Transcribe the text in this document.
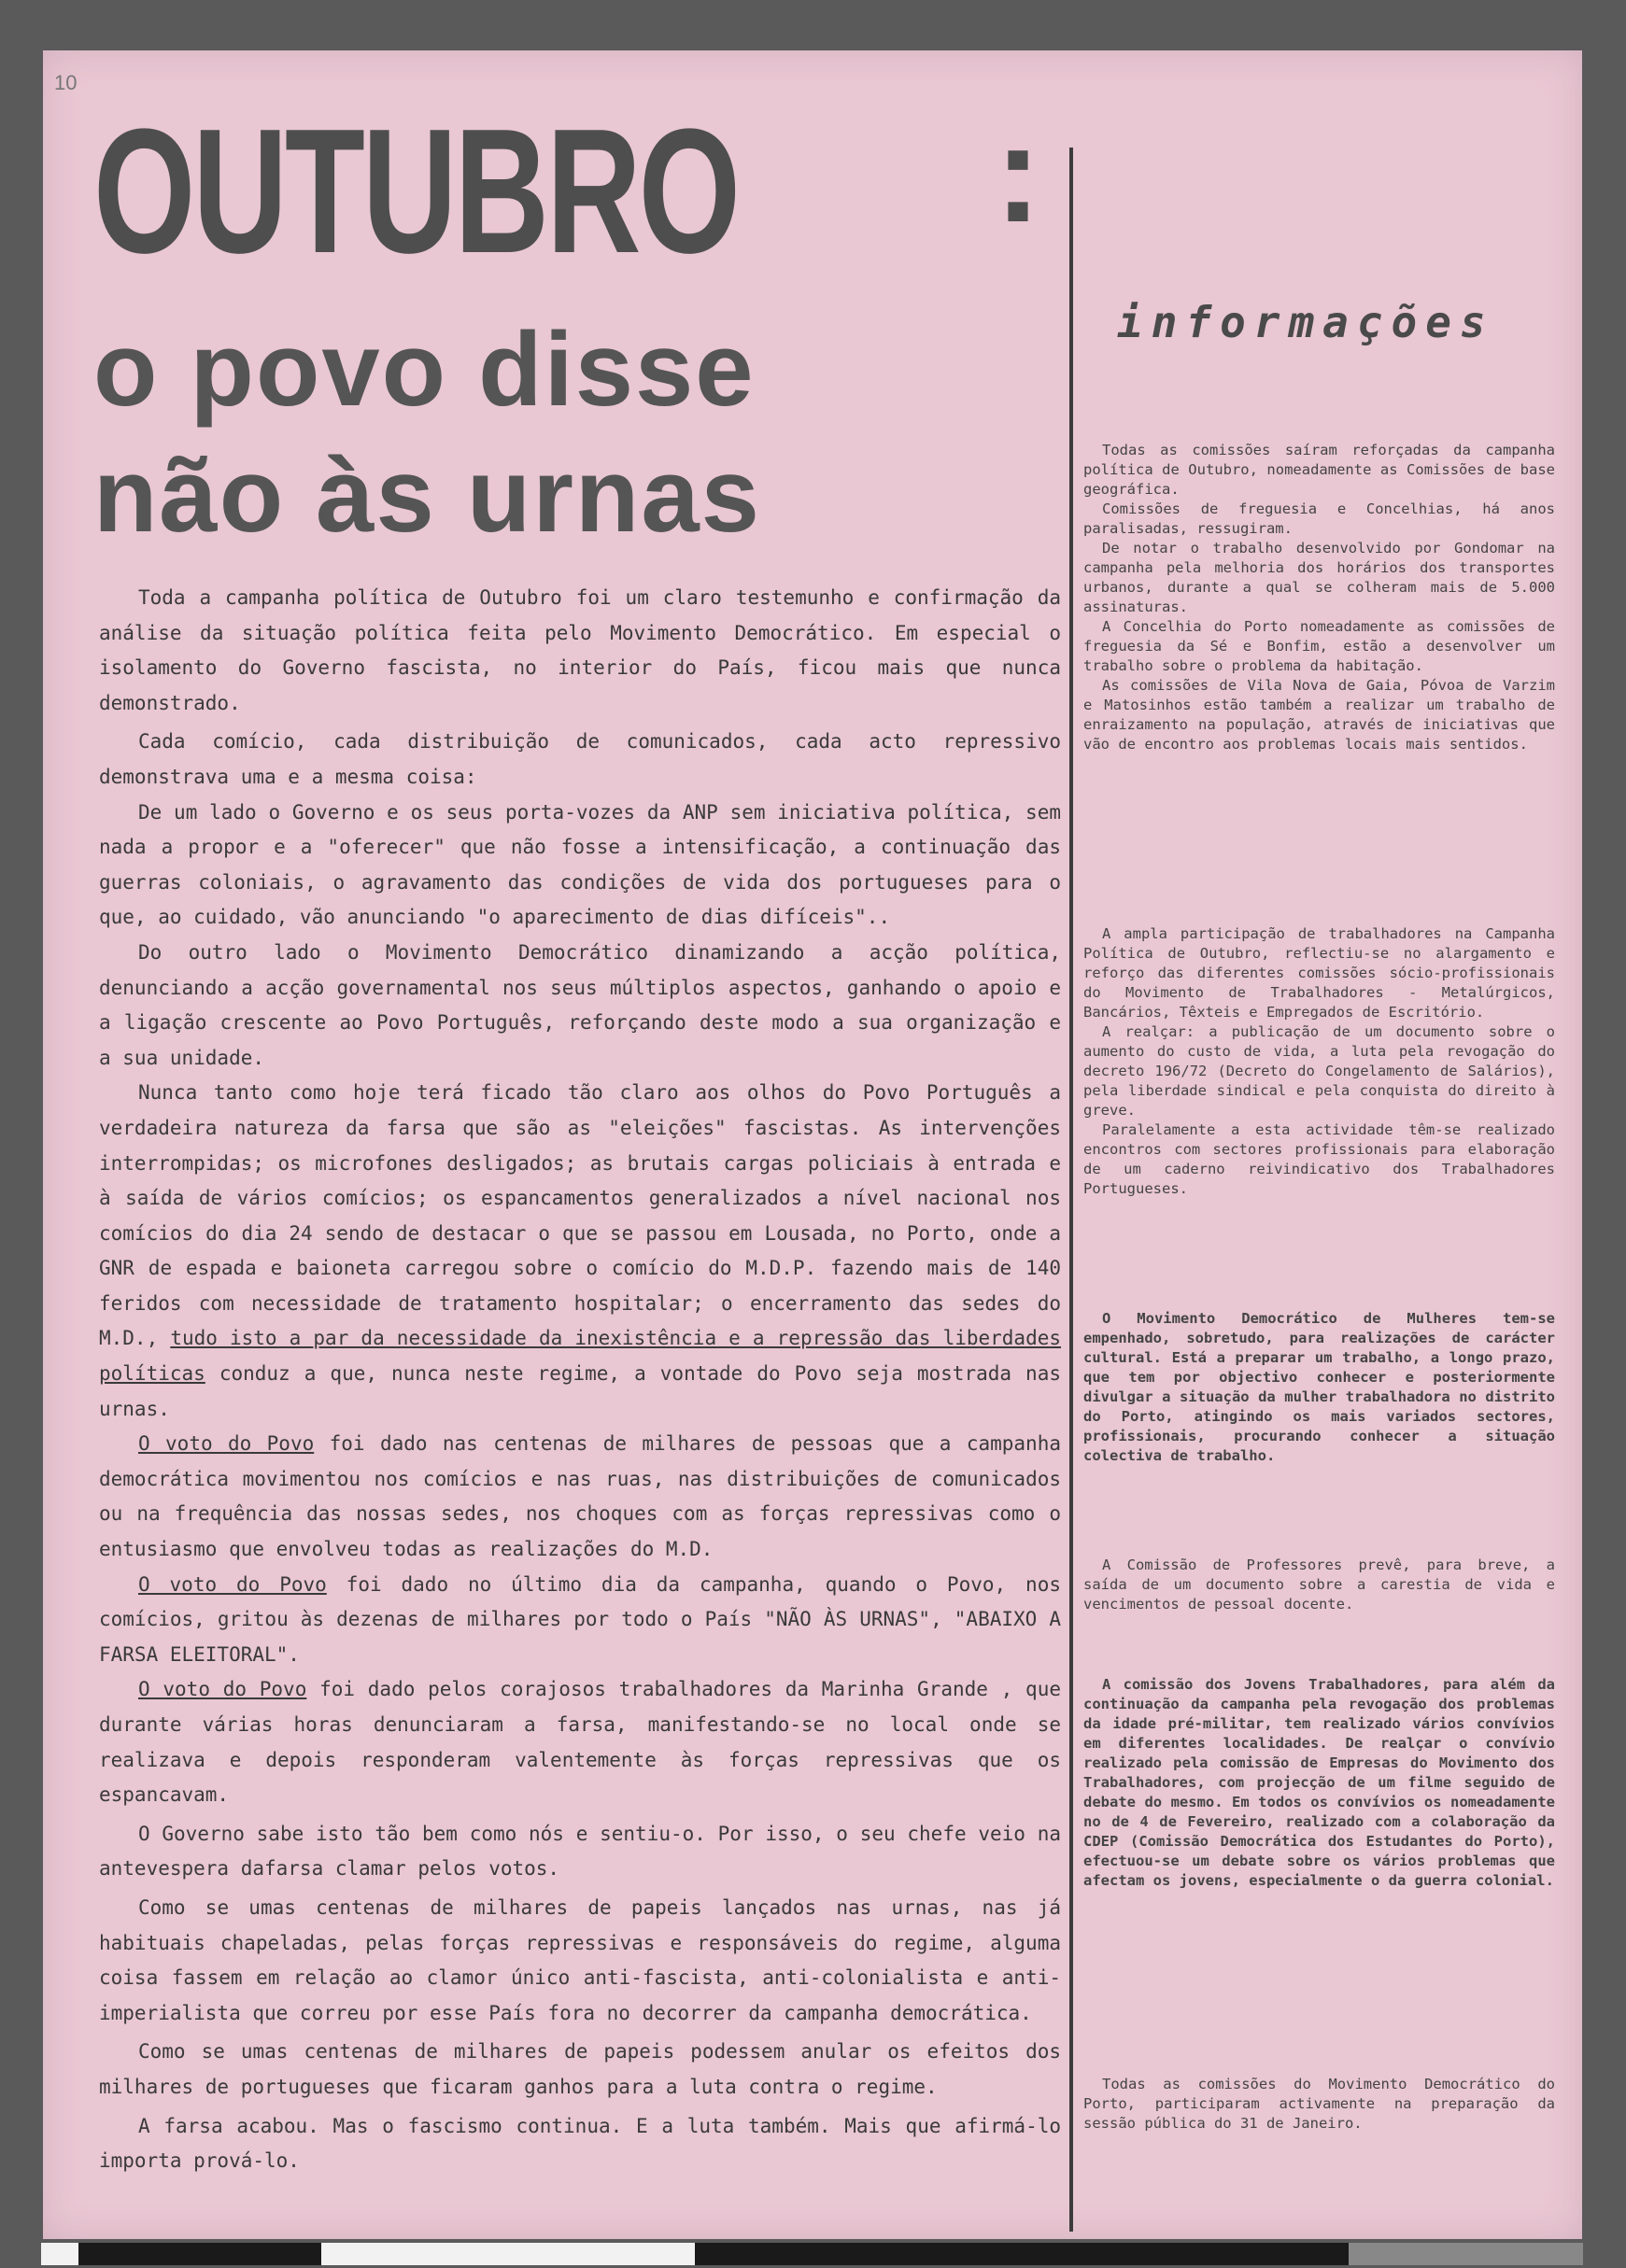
10
OUTUBRO :
o povo disse
não às urnas

Toda a campanha política de Outubro foi um claro testemunho e confirmação da análise da situação política feita pelo Movimento Democrático. Em especial o isolamento do Governo fascista, no interior do País, ficou mais que nunca demonstrado.

Cada comício, cada distribuição de comunicados, cada acto repressivo demonstrava uma e a mesma coisa:

De um lado o Governo e os seus porta-vozes da ANP sem iniciativa política, sem nada a propor e a "oferecer" que não fosse a intensificação, a continuação das guerras coloniais, o agravamento das condições de vida dos portugueses para o que, ao cuidado, vão anunciando "o aparecimento de dias difíceis"..

Do outro lado o Movimento Democrático dinamizando a acção política, denunciando a acção governamental nos seus múltiplos aspectos, ganhando o apoio e a ligação crescente ao Povo Português, reforçando deste modo a sua organização e a sua unidade.

Nunca tanto como hoje terá ficado tão claro aos olhos do Povo Português a verdadeira natureza da farsa que são as "eleições" fascistas. As intervenções interrompidas; os microfones desligados; as brutais cargas policiais à entrada e à saída de vários comícios; os espancamentos generalizados a nível nacional nos comícios do dia 24 sendo de destacar o que se passou em Lousada, no Porto, onde a GNR de espada e baioneta carregou sobre o comício do M.D.P. fazendo mais de 140 feridos com necessidade de tratamento hospitalar; o encerramento das sedes do M.D., tudo isto a par da necessidade da inexistência e a repressão das liberdades políticas conduz a que, nunca neste regime, a vontade do Povo seja mostrada nas urnas.

O voto do Povo foi dado nas centenas de milhares de pessoas que a campanha democrática movimentou nos comícios e nas ruas, nas distribuições de comunicados ou na frequência das nossas sedes, nos choques com as forças repressivas como o entusiasmo que envolveu todas as realizações do M.D.

O voto do Povo foi dado no último dia da campanha, quando o Povo, nos comícios, gritou às dezenas de milhares por todo o País "NÃO ÀS URNAS", "ABAIXO A FARSA ELEITORAL".

O voto do Povo foi dado pelos corajosos trabalhadores da Marinha Grande , que durante várias horas denunciaram a farsa, manifestando-se no local onde se realizava e depois responderam valentemente às forças repressivas que os espancavam.

O Governo sabe isto tão bem como nós e sentiu-o. Por isso, o seu chefe veio na antevespera dafarsa clamar pelos votos.

Como se umas centenas de milhares de papeis lançados nas urnas, nas já habituais chapeladas, pelas forças repressivas e responsáveis do regime, alguma coisa fassem em relação ao clamor único anti-fascista, anti-colonialista e anti-imperialista que correu por esse País fora no decorrer da campanha democrática.

Como se umas centenas de milhares de papeis podessem anular os efeitos dos milhares de portugueses que ficaram ganhos para a luta contra o regime.

A farsa acabou. Mas o fascismo continua. E a luta também. Mais que afirmá-lo importa prová-lo.

informações

Todas as comissões saíram reforçadas da campanha política de Outubro, nomeadamente as Comissões de base geográfica.

Comissões de freguesia e Concelhias, há anos paralisadas, ressugiram.

De notar o trabalho desenvolvido por Gondomar na campanha pela melhoria dos horários dos transportes urbanos, durante a qual se colheram mais de 5.000 assinaturas.

A Concelhia do Porto nomeadamente as comissões de freguesia da Sé e Bonfim, estão a desenvolver um trabalho sobre o problema da habitação.

As comissões de Vila Nova de Gaia, Póvoa de Varzim e Matosinhos estão também a realizar um trabalho de enraizamento na população, através de iniciativas que vão de encontro aos problemas locais mais sentidos.

A ampla participação de trabalhadores na Campanha Política de Outubro, reflectiu-se no alargamento e reforço das diferentes comissões sócio-profissionais do Movimento de Trabalhadores - Metalúrgicos, Bancários, Têxteis e Empregados de Escritório.

A realçar: a publicação de um documento sobre o aumento do custo de vida, a luta pela revogação do decreto 196/72 (Decreto do Congelamento de Salários), pela liberdade sindical e pela conquista do direito à greve.

Paralelamente a esta actividade têm-se realizado encontros com sectores profissionais para elaboração de um caderno reivindicativo dos Trabalhadores Portugueses.

O Movimento Democrático de Mulheres tem-se empenhado, sobretudo, para realizações de carácter cultural. Está a preparar um trabalho, a longo prazo, que tem por objectivo conhecer e posteriormente divulgar a situação da mulher trabalhadora no distrito do Porto, atingindo os mais variados sectores, profissionais, procurando conhecer a situação colectiva de trabalho.

A Comissão de Professores prevê, para breve, a saída de um documento sobre a carestia de vida e vencimentos de pessoal docente.

A comissão dos Jovens Trabalhadores, para além da continuação da campanha pela revogação dos problemas da idade pré-militar, tem realizado vários convívios em diferentes localidades. De realçar o convívio realizado pela comissão de Empresas do Movimento dos Trabalhadores, com projecção de um filme seguido de debate do mesmo. Em todos os convívios os nomeadamente no de 4 de Fevereiro, realizado com a colaboração da CDEP (Comissão Democrática dos Estudantes do Porto), efectuou-se um debate sobre os vários problemas que afectam os jovens, especialmente o da guerra colonial.

Todas as comissões do Movimento Democrático do Porto, participaram activamente na preparação da sessão pública do 31 de Janeiro.
